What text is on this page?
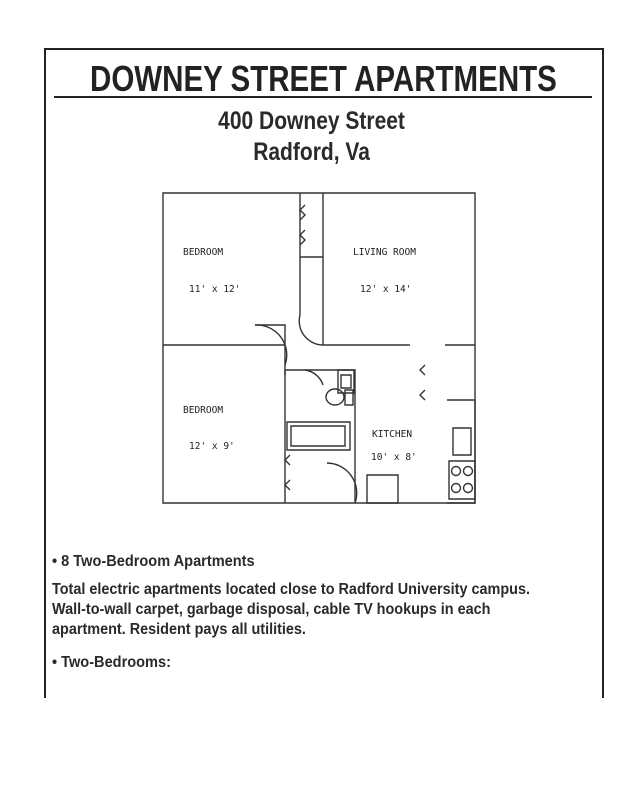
DOWNEY STREET APARTMENTS
400 Downey Street
Radford, Va
BEDROOM
11' x 12'
LIVING ROOM
12' x 14'
BEDROOM
12' x 9'
KITCHEN
10' x 8'
• 8 Two-Bedroom Apartments
Total electric apartments located close to Radford University campus.
Wall-to-wall carpet, garbage disposal, cable TV hookups in each
apartment. Resident pays all utilities.
• Two-Bedrooms:
